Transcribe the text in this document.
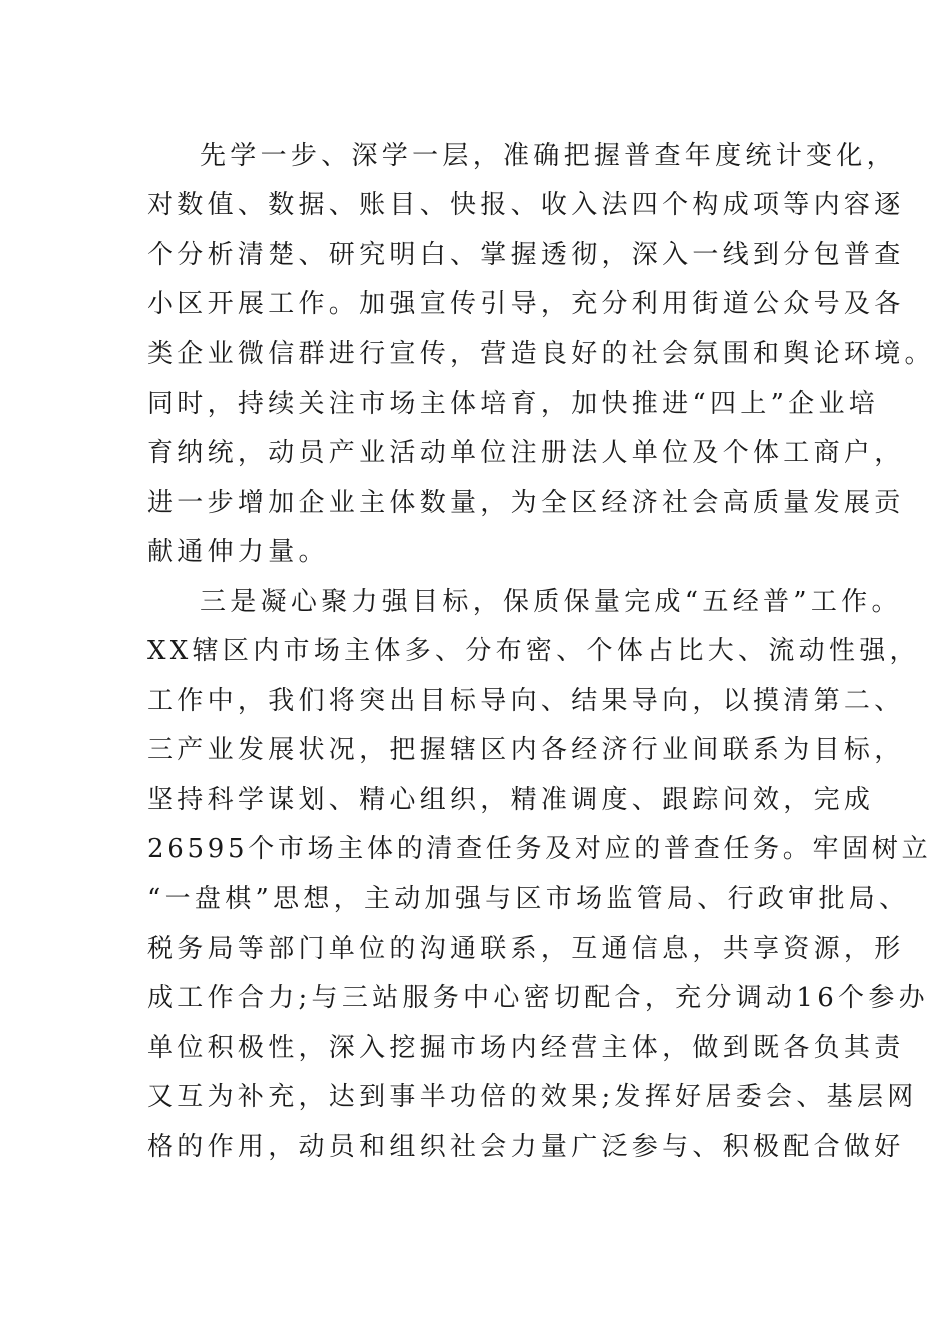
先学一步、深学一层，准确把握普查年度统计变化，
对数值、数据、账目、快报、收入法四个构成项等内容逐
个分析清楚、研究明白、掌握透彻，深入一线到分包普查
小区开展工作。加强宣传引导，充分利用街道公众号及各
类企业微信群进行宣传，营造良好的社会氛围和舆论环境。
同时，持续关注市场主体培育，加快推进“四上”企业培
育纳统，动员产业活动单位注册法人单位及个体工商户，
进一步增加企业主体数量，为全区经济社会高质量发展贡
献通伸力量。
三是凝心聚力强目标，保质保量完成“五经普”工作。
XX辖区内市场主体多、分布密、个体占比大、流动性强，
工作中，我们将突出目标导向、结果导向，以摸清第二、
三产业发展状况，把握辖区内各经济行业间联系为目标，
坚持科学谋划、精心组织，精准调度、跟踪问效，完成
26595个市场主体的清查任务及对应的普查任务。牢固树立
“一盘棋”思想，主动加强与区市场监管局、行政审批局、
税务局等部门单位的沟通联系，互通信息，共享资源，形
成工作合力;与三站服务中心密切配合，充分调动16个参办
单位积极性，深入挖掘市场内经营主体，做到既各负其责
又互为补充，达到事半功倍的效果;发挥好居委会、基层网
格的作用，动员和组织社会力量广泛参与、积极配合做好
